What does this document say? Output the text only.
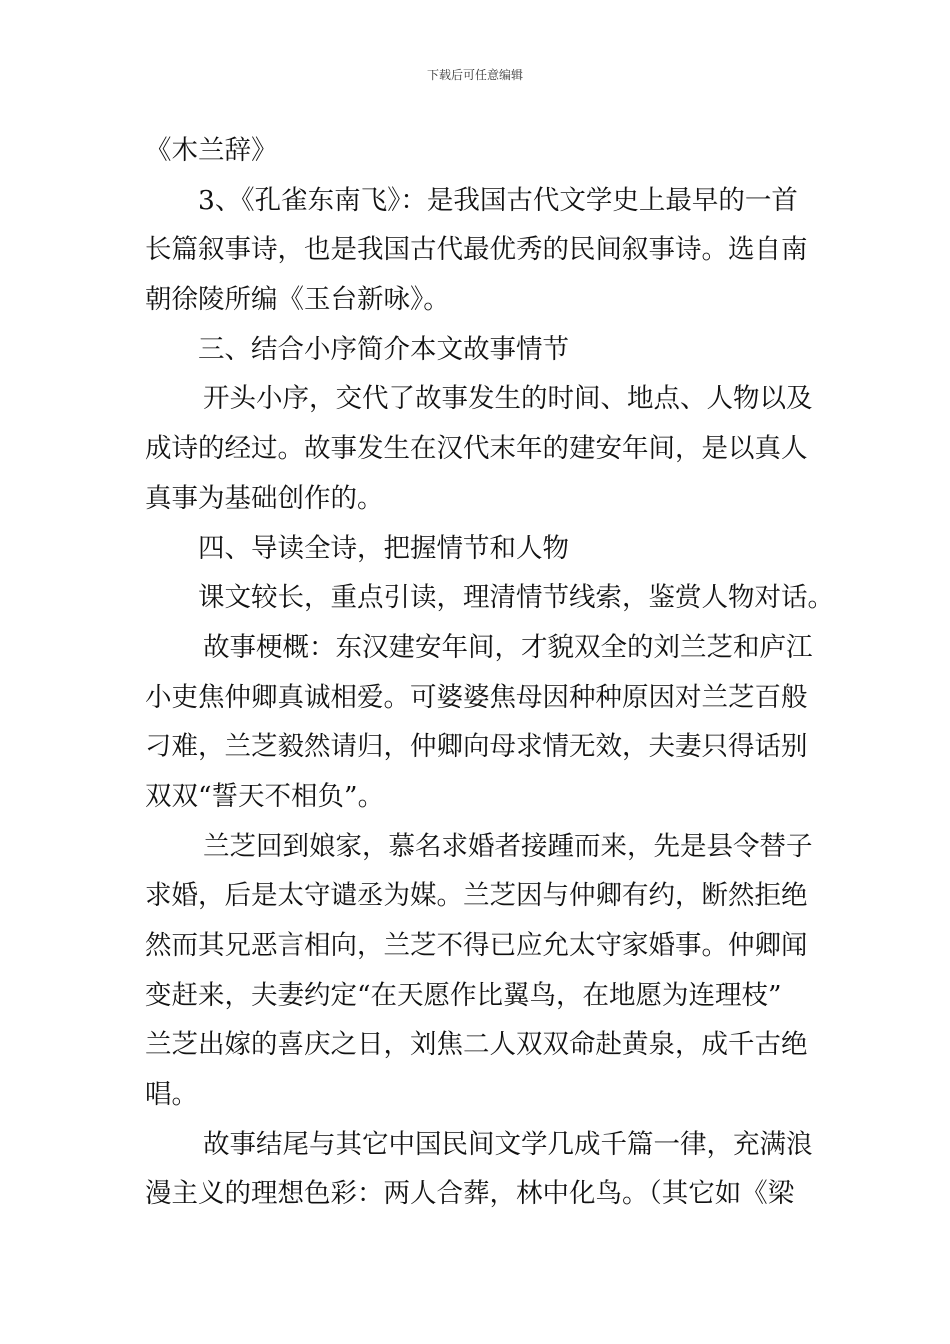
下载后可任意编辑
《木兰辞》
3、《孔雀东南飞》：是我国古代文学史上最早的一首
长篇叙事诗，也是我国古代最优秀的民间叙事诗。选自南
朝徐陵所编《玉台新咏》。
三、结合小序简介本文故事情节
开头小序，交代了故事发生的时间、地点、人物以及
成诗的经过。故事发生在汉代末年的建安年间，是以真人
真事为基础创作的。
四、导读全诗，把握情节和人物
课文较长，重点引读，理清情节线索，鉴赏人物对话。
故事梗概：东汉建安年间，才貌双全的刘兰芝和庐江
小吏焦仲卿真诚相爱。可婆婆焦母因种种原因对兰芝百般
刁难，兰芝毅然请归，仲卿向母求情无效，夫妻只得话别
双双“誓天不相负”。
兰芝回到娘家，慕名求婚者接踵而来，先是县令替子
求婚，后是太守谴丞为媒。兰芝因与仲卿有约，断然拒绝
然而其兄恶言相向，兰芝不得已应允太守家婚事。仲卿闻
变赶来，夫妻约定“在天愿作比翼鸟，在地愿为连理枝”
兰芝出嫁的喜庆之日，刘焦二人双双命赴黄泉，成千古绝
唱。
故事结尾与其它中国民间文学几成千篇一律，充满浪
漫主义的理想色彩：两人合葬，林中化鸟。（其它如《梁
